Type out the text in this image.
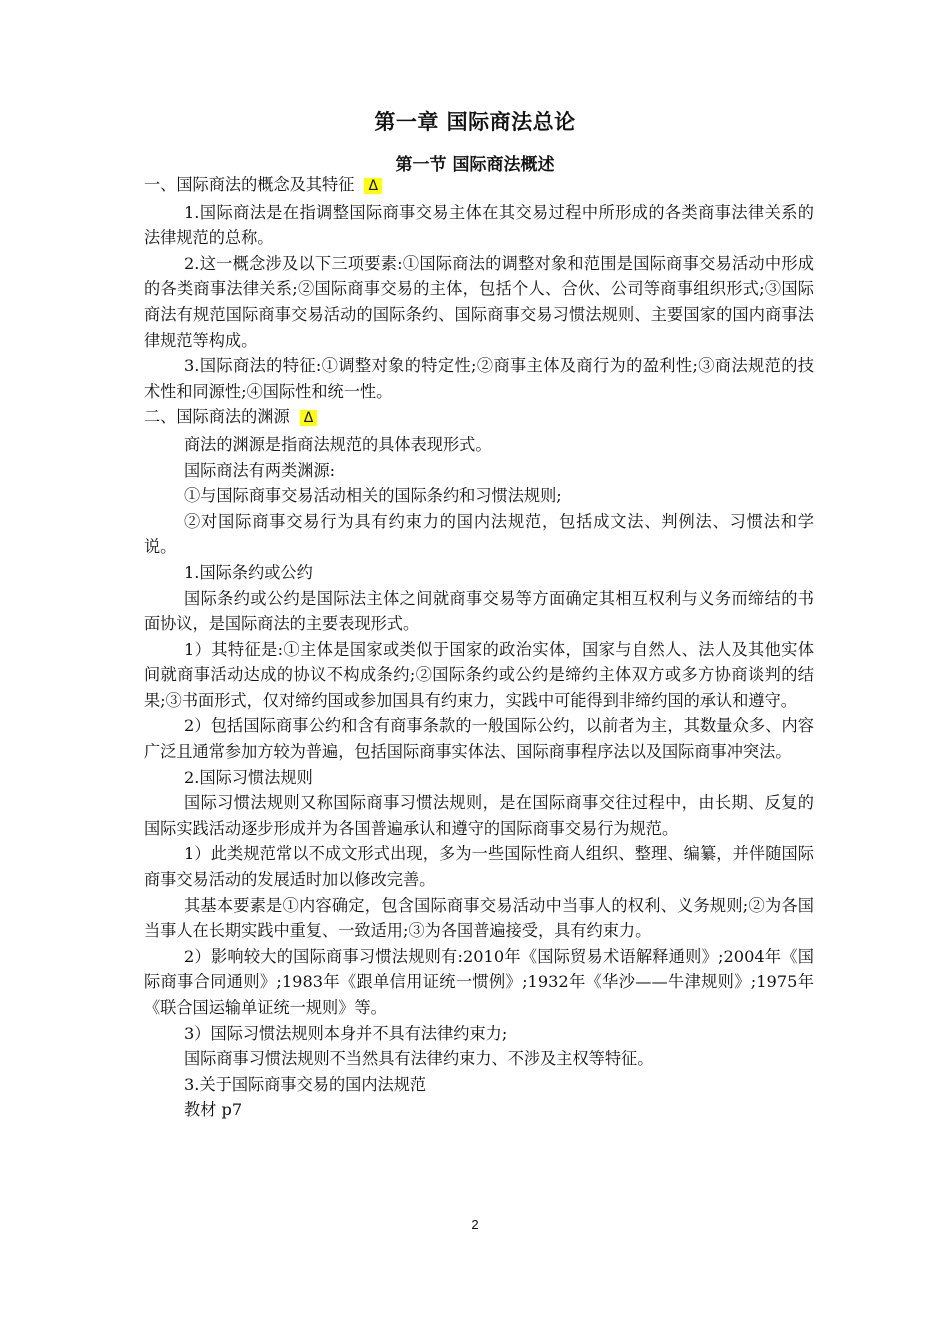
第一章 国际商法总论
第一节 国际商法概述

一、国际商法的概念及其特征 Δ

1.国际商法是在指调整国际商事交易主体在其交易过程中所形成的各类商事法律关系的法律规范的总称。

2.这一概念涉及以下三项要素:①国际商法的调整对象和范围是国际商事交易活动中形成的各类商事法律关系;②国际商事交易的主体，包括个人、合伙、公司等商事组织形式;③国际商法有规范国际商事交易活动的国际条约、国际商事交易习惯法规则、主要国家的国内商事法律规范等构成。

3.国际商法的特征:①调整对象的特定性;②商事主体及商行为的盈利性;③商法规范的技术性和同源性;④国际性和统一性。

二、国际商法的渊源 Δ

商法的渊源是指商法规范的具体表现形式。

国际商法有两类渊源:

①与国际商事交易活动相关的国际条约和习惯法规则;

②对国际商事交易行为具有约束力的国内法规范，包括成文法、判例法、习惯法和学说。

1.国际条约或公约

国际条约或公约是国际法主体之间就商事交易等方面确定其相互权利与义务而缔结的书面协议，是国际商法的主要表现形式。

1）其特征是:①主体是国家或类似于国家的政治实体，国家与自然人、法人及其他实体间就商事活动达成的协议不构成条约;②国际条约或公约是缔约主体双方或多方协商谈判的结果;③书面形式，仅对缔约国或参加国具有约束力，实践中可能得到非缔约国的承认和遵守。

2）包括国际商事公约和含有商事条款的一般国际公约，以前者为主，其数量众多、内容广泛且通常参加方较为普遍，包括国际商事实体法、国际商事程序法以及国际商事冲突法。

2.国际习惯法规则

国际习惯法规则又称国际商事习惯法规则，是在国际商事交往过程中，由长期、反复的国际实践活动逐步形成并为各国普遍承认和遵守的国际商事交易行为规范。

1）此类规范常以不成文形式出现，多为一些国际性商人组织、整理、编纂，并伴随国际商事交易活动的发展适时加以修改完善。

其基本要素是①内容确定，包含国际商事交易活动中当事人的权利、义务规则;②为各国当事人在长期实践中重复、一致适用;③为各国普遍接受，具有约束力。

2）影响较大的国际商事习惯法规则有:2010年《国际贸易术语解释通则》;2004年《国际商事合同通则》;1983年《跟单信用证统一惯例》;1932年《华沙——牛津规则》;1975年《联合国运输单证统一规则》等。

3）国际习惯法规则本身并不具有法律约束力;

国际商事习惯法规则不当然具有法律约束力、不涉及主权等特征。

3.关于国际商事交易的国内法规范

教材 p7

2
